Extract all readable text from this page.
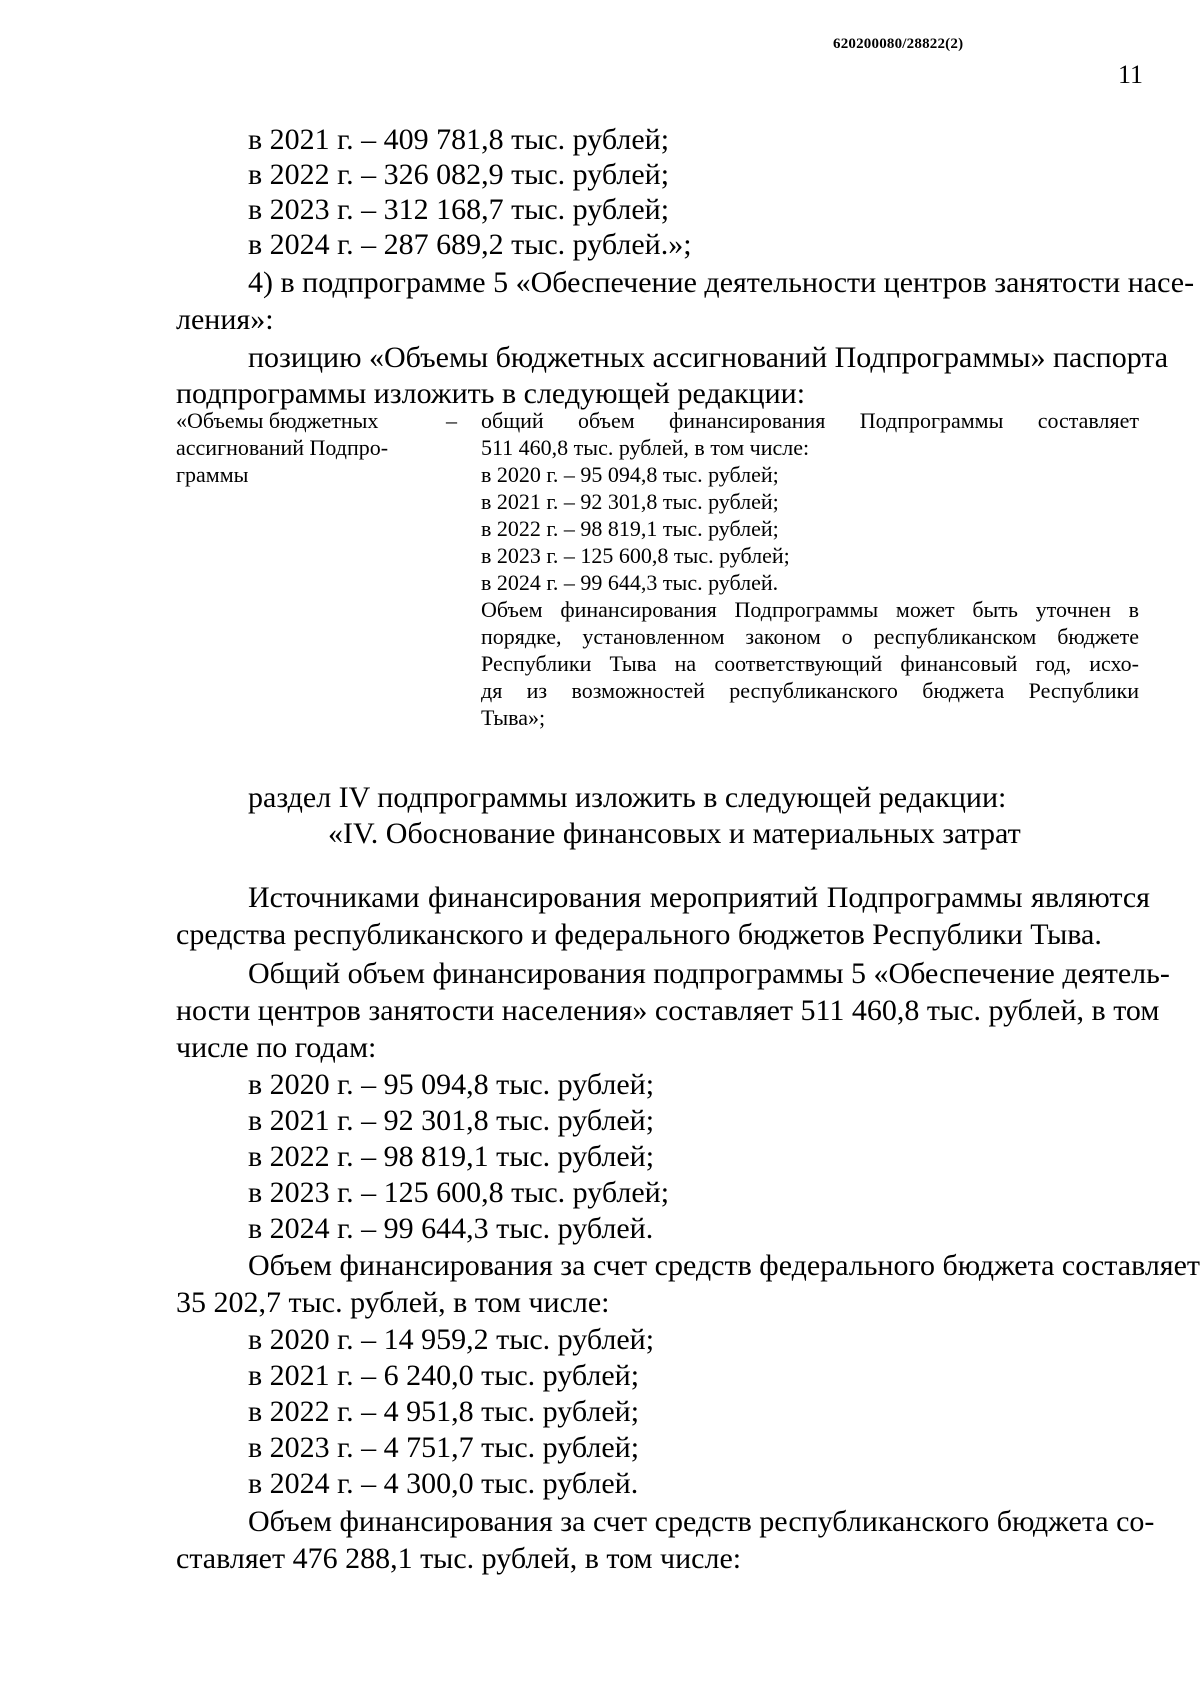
620200080/28822(2)
11
в 2021 г. – 409 781,8 тыс. рублей;
в 2022 г. – 326 082,9 тыс. рублей;
в 2023 г. – 312 168,7 тыс. рублей;
в 2024 г. – 287 689,2 тыс. рублей.»;
4) в подпрограмме 5 «Обеспечение деятельности центров занятости насе-
ления»:
позицию «Объемы бюджетных ассигнований Подпрограммы» паспорта
подпрограммы изложить в следующей редакции:
«Объемы бюджетных
ассигнований Подпро-
граммы
– общий объем финансирования Подпрограммы составляет
511 460,8 тыс. рублей, в том числе:
в 2020 г. – 95 094,8 тыс. рублей;
в 2021 г. – 92 301,8 тыс. рублей;
в 2022 г. – 98 819,1 тыс. рублей;
в 2023 г. – 125 600,8 тыс. рублей;
в 2024 г. – 99 644,3 тыс. рублей.
Объем финансирования Подпрограммы может быть уточнен в
порядке, установленном законом о республиканском бюджете
Республики Тыва на соответствующий финансовый год, исхо-
дя из возможностей республиканского бюджета Республики
Тыва»;
раздел IV подпрограммы изложить в следующей редакции:
«IV. Обоснование финансовых и материальных затрат
Источниками финансирования мероприятий Подпрограммы являются
средства республиканского и федерального бюджетов Республики Тыва.
Общий объем финансирования подпрограммы 5 «Обеспечение деятель-
ности центров занятости населения» составляет 511 460,8 тыс. рублей, в том
числе по годам:
в 2020 г. – 95 094,8 тыс. рублей;
в 2021 г. – 92 301,8 тыс. рублей;
в 2022 г. – 98 819,1 тыс. рублей;
в 2023 г. – 125 600,8 тыс. рублей;
в 2024 г. – 99 644,3 тыс. рублей.
Объем финансирования за счет средств федерального бюджета составляет
35 202,7 тыс. рублей, в том числе:
в 2020 г. – 14 959,2 тыс. рублей;
в 2021 г. – 6 240,0 тыс. рублей;
в 2022 г. – 4 951,8 тыс. рублей;
в 2023 г. – 4 751,7 тыс. рублей;
в 2024 г. – 4 300,0 тыс. рублей.
Объем финансирования за счет средств республиканского бюджета со-
ставляет 476 288,1 тыс. рублей, в том числе:
